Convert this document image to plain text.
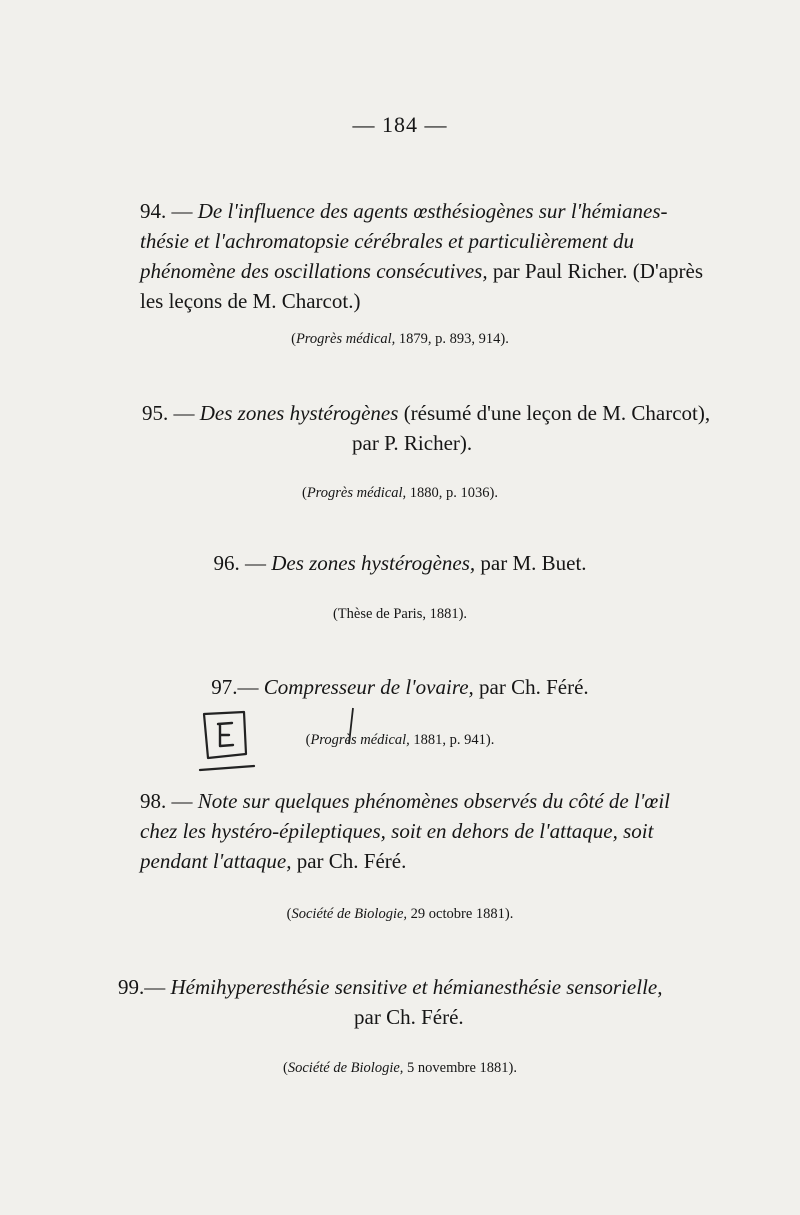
— 184 —
94. — De l'influence des agents œsthésiogènes sur l'hémianes-
thésie et l'achromatopsie cérébrales et particulièrement du
phénomène des oscillations consécutives, par Paul Richer. (D'après
les leçons de M. Charcot.)
(Progrès médical, 1879, p. 893, 914).
95. — Des zones hystérogènes (résumé d'une leçon de M. Charcot),
par P. Richer).
(Progrès médical, 1880, p. 1036).
96. — Des zones hystérogènes, par M. Buet.
(Thèse de Paris, 1881).
97.— Compresseur de l'ovaire, par Ch. Féré.
(Progrès médical, 1881, p. 941).
98. — Note sur quelques phénomènes observés du côté de l'œil
chez les hystéro-épileptiques, soit en dehors de l'attaque, soit
pendant l'attaque, par Ch. Féré.
(Société de Biologie, 29 octobre 1881).
99.— Hémihyperesthésie sensitive et hémianesthésie sensorielle,
par Ch. Féré.
(Société de Biologie, 5 novembre 1881).
